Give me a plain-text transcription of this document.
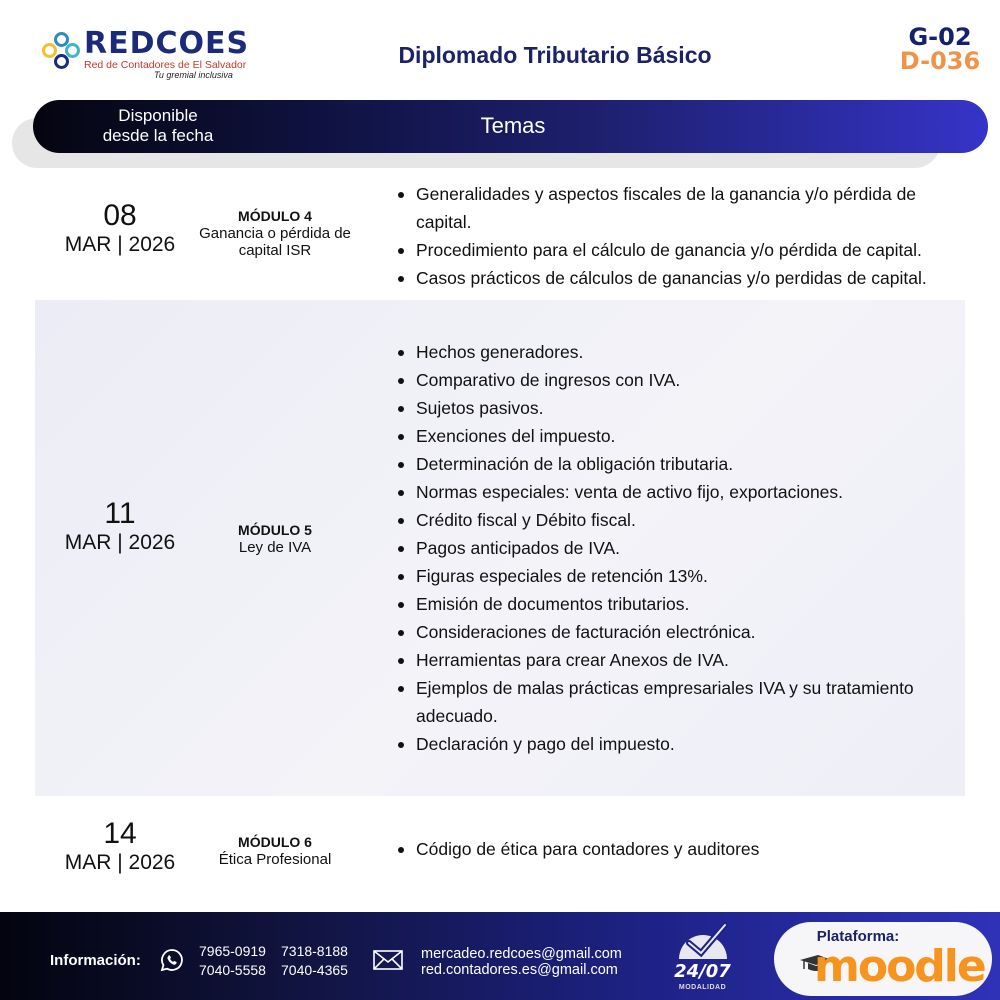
REDCOES
Red de Contadores de El Salvador
Tu gremial inclusiva
Diplomado Tributario Básico
G-02
D-036
Disponible
desde la fecha	Temas
08
MAR | 2026
MÓDULO 4
Ganancia o pérdida de capital ISR
Generalidades y aspectos fiscales de la ganancia y/o pérdida de capital.
Procedimiento para el cálculo de ganancia y/o pérdida de capital.
Casos prácticos de cálculos de ganancias y/o perdidas de capital.
11
MAR | 2026
MÓDULO 5
Ley de IVA
Hechos generadores.
Comparativo de ingresos con IVA.
Sujetos pasivos.
Exenciones del impuesto.
Determinación de la obligación tributaria.
Normas especiales: venta de activo fijo, exportaciones.
Crédito fiscal y Débito fiscal.
Pagos anticipados de IVA.
Figuras especiales de retención 13%.
Emisión de documentos tributarios.
Consideraciones de facturación electrónica.
Herramientas para crear Anexos de IVA.
Ejemplos de malas prácticas empresariales IVA y su tratamiento adecuado.
Declaración y pago del impuesto.
14
MAR | 2026
MÓDULO 6
Ética Profesional
Código de ética para contadores y auditores
Información:
7965-0919 7318-8188
7040-5558 7040-4365
mercadeo.redcoes@gmail.com
red.contadores.es@gmail.com	24/07
MODALIDAD
Plataforma:
moodle
